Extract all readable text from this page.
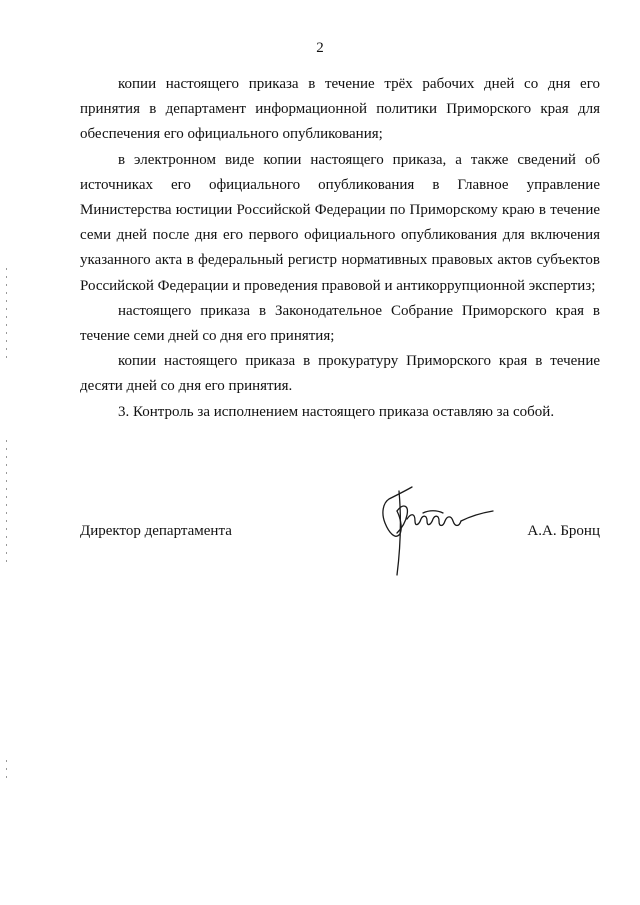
2

копии настоящего приказа в течение трёх рабочих дней со дня его принятия в департамент информационной политики Приморского края для обеспечения его официального опубликования;

в электронном виде копии настоящего приказа, а также сведений об источниках его официального опубликования в Главное управление Министерства юстиции Российской Федерации по Приморскому краю в течение семи дней после дня его первого официального опубликования для включения указанного акта в федеральный регистр нормативных правовых актов субъектов Российской Федерации и проведения правовой и антикоррупционной экспертиз;

настоящего приказа в Законодательное Собрание Приморского края в течение семи дней со дня его принятия;

копии настоящего приказа в прокуратуру Приморского края в течение десяти дней со дня его принятия.

3. Контроль за исполнением настоящего приказа оставляю за собой.

Директор департамента	А.А. Бронц
